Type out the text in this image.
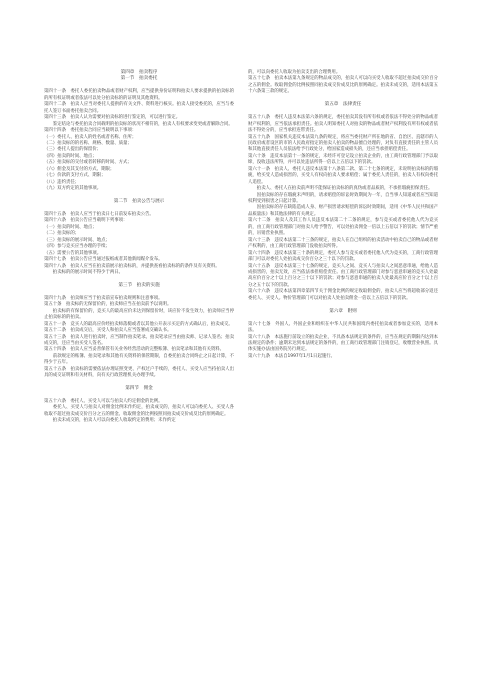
第四章　拍卖程序
第一节　拍卖委托

第四十一条　委托人委托拍卖物品或者财产权利，应当提供身份证明和拍卖人要求提供的拍卖标的的所有权证明或者依法可以处分拍卖标的的证明及其他资料。

第四十二条　拍卖人应当对委托人提供的有关文件、资料进行核实。拍卖人接受委托的，应当与委托人签订书面委托拍卖合同。

第四十三条　拍卖人认为需要对拍卖标的进行鉴定的，可以进行鉴定。

鉴定结论与委托拍卖合同载明的拍卖标的状况不相符的，拍卖人有权要求变更或者解除合同。

第四十四条　委托拍卖合同应当载明以下事项：

（一）委托人、拍卖人的姓名或者名称、住所；

（二）拍卖标的的名称、规格、数量、质量；

（三）委托人提出的保留价；

（四）拍卖的时间、地点；

（五）拍卖标的交付或者转移的时间、方式；

（六）佣金及其支付的方式、期限；

（七）价款的支付方式、期限；

（八）违约责任；

（九）双方约定的其他事项。

第二节　拍卖公告与展示

第四十五条　拍卖人应当于拍卖日七日前发布拍卖公告。

第四十六条　拍卖公告应当载明下列事项：

（一）拍卖的时间、地点；

（二）拍卖标的；

（三）拍卖标的展示时间、地点；

（四）参与竞买应当办理的手续；

（五）需要公告的其他事项。

第四十七条　拍卖公告应当通过报纸或者其他新闻媒介发布。

第四十八条　拍卖人应当在拍卖前展示拍卖标的，并提供查看拍卖标的的条件及有关资料。

拍卖标的的展示时间不得少于两日。

第三节　拍卖的实施

第四十九条　拍卖师应当于拍卖前宣布拍卖规则和注意事项。

第五十条　拍卖标的无保留价的，拍卖师应当在拍卖前予以说明。

拍卖标的有保留价的，竞买人的最高应价未达到保留价时，该应价不发生效力，拍卖师应当停止拍卖标的的拍卖。

第五十一条　竞买人的最高应价经拍卖师落槌或者以其他公开表示买定的方式确认后，拍卖成交。

第五十二条　拍卖成交后，买受人和拍卖人应当签署成交确认书。

第五十三条　拍卖人进行拍卖时，应当制作拍卖笔录。拍卖笔录应当由拍卖师、记录人签名；拍卖成交的，还应当由买受人签名。

第五十四条　拍卖人应当妥善保管有关业务经营活动的完整账簿、拍卖笔录和其他有关资料。

前款规定的账簿、拍卖笔录和其他有关资料的保管期限，自委托拍卖合同终止之日起计算，不得少于五年。

第五十五条　拍卖标的需要依法办理证照变更、产权过户手续的，委托人、买受人应当持拍卖人出具的成交证明和有关材料，向有关行政管理机关办理手续。

第四节　佣金

第五十六条　委托人、买受人可以与拍卖人约定佣金的比例。

委托人、买受人与拍卖人对佣金比例未作约定，拍卖成交的，拍卖人可以向委托人、买受人各收取不超过拍卖成交价百分之五的佣金。收取佣金的比例按照同拍卖成交价成反比的原则确定。

拍卖未成交的，拍卖人可以向委托人收取约定的费用；未作约定

的，可以向委托人收取为拍卖支出的合理费用。

第五十七条　拍卖本法第九条规定的物品成交的，拍卖人可以向买受人收取不超过拍卖成交价百分之五的佣金。收取佣金的比例按照同拍卖成交价成反比的原则确定。拍卖未成交的，适用本法第五十六条第三款的规定。

第五章　法律责任

第五十八条　委托人违反本法第六条的规定，委托拍卖其没有所有权或者依法不得处分的物品或者财产权利的，应当依法承担责任。拍卖人明知委托人对拍卖的物品或者财产权利没有所有权或者依法不得处分的，应当承担连带责任。

第五十九条　国家机关违反本法第九条的规定，将应当委托财产所在地的省、自治区、直辖市的人民政府或者设区的市的人民政府指定的拍卖人拍卖的物品擅自处理的，对负有直接责任的主管人员和其他直接责任人员依法给予行政处分，给国家造成损失的，还应当承担赔偿责任。

第六十条　违反本法第十一条的规定，未经许可登记设立拍卖企业的，由工商行政管理部门予以取缔，没收违法所得，并可以处违法所得一倍以上五倍以下的罚款。

第六十一条　拍卖人、委托人违反本法第十八条第二款、第二十七条的规定，未说明拍卖标的的瑕疵，给买受人造成损害的，买受人有权向拍卖人要求赔偿；属于委托人责任的，拍卖人有权向委托人追偿。

拍卖人、委托人在拍卖前声明不能保证拍卖标的的真伪或者品质的，不承担瑕疵担保责任。

因拍卖标的存在瑕疵未声明的，请求赔偿的诉讼时效期间为一年，自当事人知道或者应当知道权利受到损害之日起计算。

因拍卖标的存在缺陷造成人身、财产损害请求赔偿的诉讼时效期间，适用《中华人民共和国产品质量法》和其他法律的有关规定。

第六十二条　拍卖人及其工作人员违反本法第二十二条的规定，参与竞买或者委托他人代为竞买的，由工商行政管理部门对拍卖人给予警告，可以处拍卖佣金一倍以上五倍以下的罚款；情节严重的，吊销营业执照。

第六十三条　违反本法第二十三条的规定，拍卖人在自己组织的拍卖活动中拍卖自己的物品或者财产权利的，由工商行政管理部门没收拍卖所得。

第六十四条　违反本法第三十条的规定，委托人参与竞买或者委托他人代为竞买的，工商行政管理部门可以对委托人处拍卖成交价百分之三十以下的罚款。

第六十五条　违反本法第三十七条的规定，竞买人之间、竞买人与拍卖人之间恶意串通，给他人造成损害的，拍卖无效，应当依法承担赔偿责任。由工商行政管理部门对参与恶意串通的竞买人处最高应价百分之十以上百分之三十以下的罚款；对参与恶意串通的拍卖人处最高应价百分之十以上百分之五十以下的罚款。

第六十六条　违反本法第四章第四节关于佣金比例的规定收取佣金的，拍卖人应当将超收部分返还委托人、买受人。物价管理部门可以对拍卖人处拍卖佣金一倍以上五倍以下的罚款。

第六章　附则

第六十七条　外国人、外国企业和组织在中华人民共和国境内委托拍卖或者参加竞买的，适用本法。

第六十八条　本法施行前设立的拍卖企业，不具备本法规定的条件的，应当在规定的期限内达到本法规定的条件；逾期未达到本法规定的条件的，由工商行政管理部门注销登记，收缴营业执照。具体实施办法由国务院另行规定。

第六十九条　本法自1997年1月1日起施行。
